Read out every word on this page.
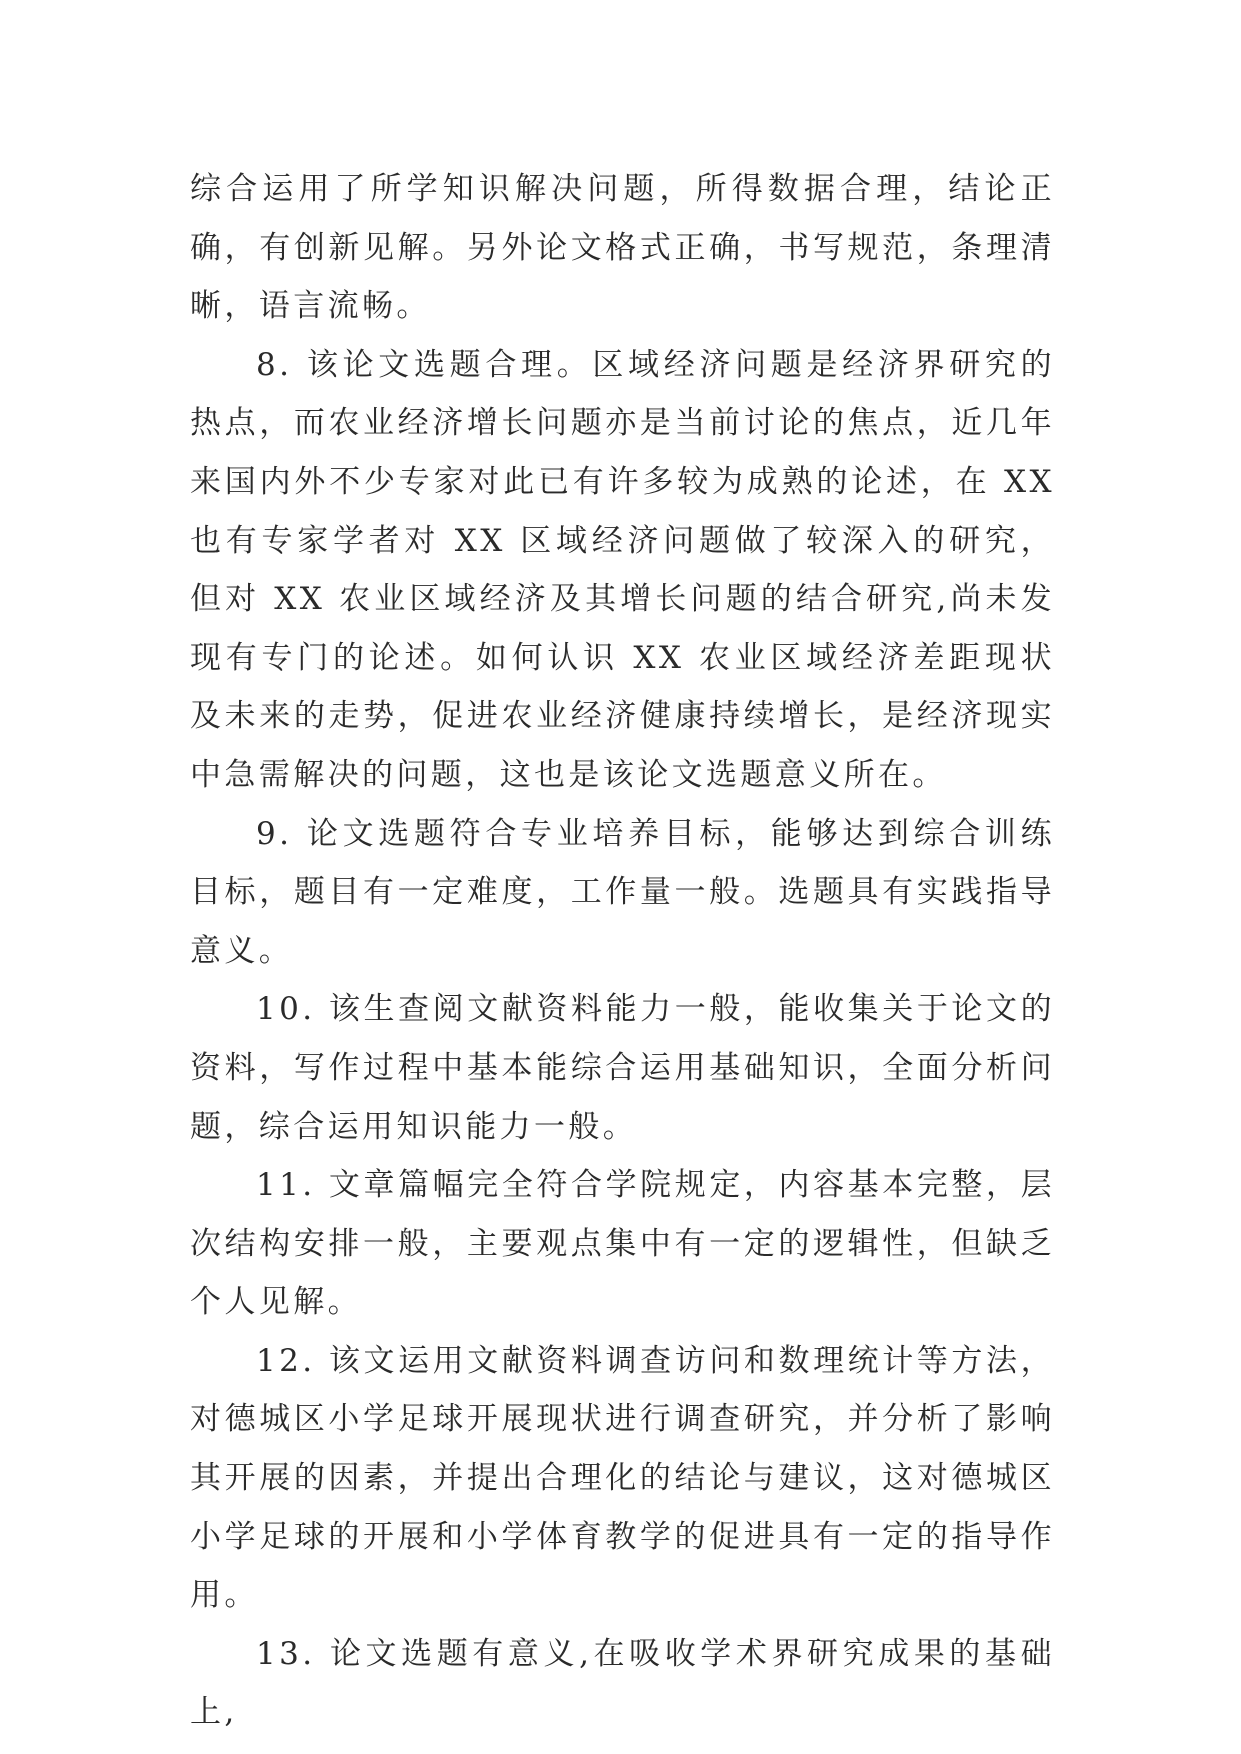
综合运用了所学知识解决问题，所得数据合理，结论正确，有创新见解。另外论文格式正确，书写规范，条理清晰，语言流畅。

8. 该论文选题合理。区域经济问题是经济界研究的热点，而农业经济增长问题亦是当前讨论的焦点，近几年来国内外不少专家对此已有许多较为成熟的论述，在 XX 也有专家学者对 XX 区域经济问题做了较深入的研究，但对 XX 农业区域经济及其增长问题的结合研究,尚未发现有专门的论述。如何认识 XX 农业区域经济差距现状及未来的走势，促进农业经济健康持续增长，是经济现实中急需解决的问题，这也是该论文选题意义所在。

9. 论文选题符合专业培养目标，能够达到综合训练目标，题目有一定难度，工作量一般。选题具有实践指导意义。

10. 该生查阅文献资料能力一般，能收集关于论文的资料，写作过程中基本能综合运用基础知识，全面分析问题，综合运用知识能力一般。

11. 文章篇幅完全符合学院规定，内容基本完整，层次结构安排一般，主要观点集中有一定的逻辑性，但缺乏个人见解。

12. 该文运用文献资料调查访问和数理统计等方法，对德城区小学足球开展现状进行调查研究，并分析了影响其开展的因素，并提出合理化的结论与建议，这对德城区小学足球的开展和小学体育教学的促进具有一定的指导作用。

13. 论文选题有意义,在吸收学术界研究成果的基础上,
